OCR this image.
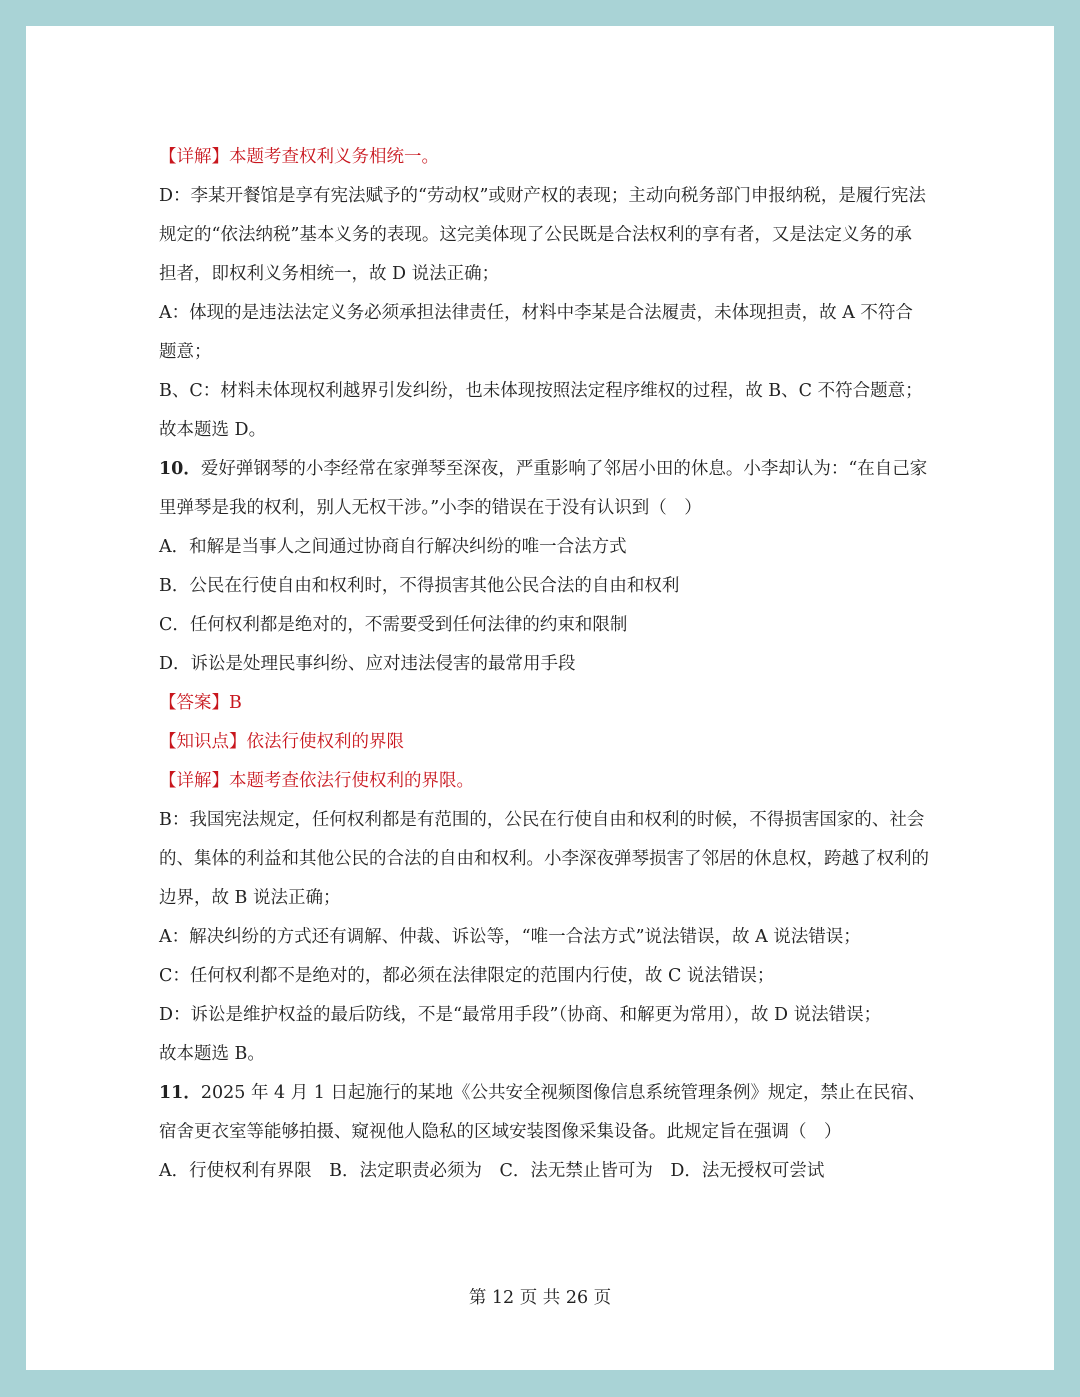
【详解】本题考查权利义务相统一。

D：李某开餐馆是享有宪法赋予的“劳动权”或财产权的表现；主动向税务部门申报纳税，是履行宪法规定的“依法纳税”基本义务的表现。这完美体现了公民既是合法权利的享有者，又是法定义务的承担者，即权利义务相统一，故 D 说法正确；

A：体现的是违法法定义务必须承担法律责任，材料中李某是合法履责，未体现担责，故 A 不符合题意；

B、C：材料未体现权利越界引发纠纷，也未体现按照法定程序维权的过程，故 B、C 不符合题意；

故本题选 D。

10．爱好弹钢琴的小李经常在家弹琴至深夜，严重影响了邻居小田的休息。小李却认为：“在自己家里弹琴是我的权利，别人无权干涉。”小李的错误在于没有认识到（　）

A．和解是当事人之间通过协商自行解决纠纷的唯一合法方式

B．公民在行使自由和权利时，不得损害其他公民合法的自由和权利

C．任何权利都是绝对的，不需要受到任何法律的约束和限制

D．诉讼是处理民事纠纷、应对违法侵害的最常用手段

【答案】B

【知识点】依法行使权利的界限

【详解】本题考查依法行使权利的界限。

B：我国宪法规定，任何权利都是有范围的，公民在行使自由和权利的时候，不得损害国家的、社会的、集体的利益和其他公民的合法的自由和权利。小李深夜弹琴损害了邻居的休息权，跨越了权利的边界，故 B 说法正确；

A：解决纠纷的方式还有调解、仲裁、诉讼等，“唯一合法方式”说法错误，故 A 说法错误；

C：任何权利都不是绝对的，都必须在法律限定的范围内行使，故 C 说法错误；

D：诉讼是维护权益的最后防线，不是“最常用手段”（协商、和解更为常用），故 D 说法错误；

故本题选 B。

11．2025 年 4 月 1 日起施行的某地《公共安全视频图像信息系统管理条例》规定，禁止在民宿、宿舍更衣室等能够拍摄、窥视他人隐私的区域安装图像采集设备。此规定旨在强调（　）

A．行使权利有界限　B．法定职责必须为　C．法无禁止皆可为　D．法无授权可尝试

第 12 页 共 26 页
